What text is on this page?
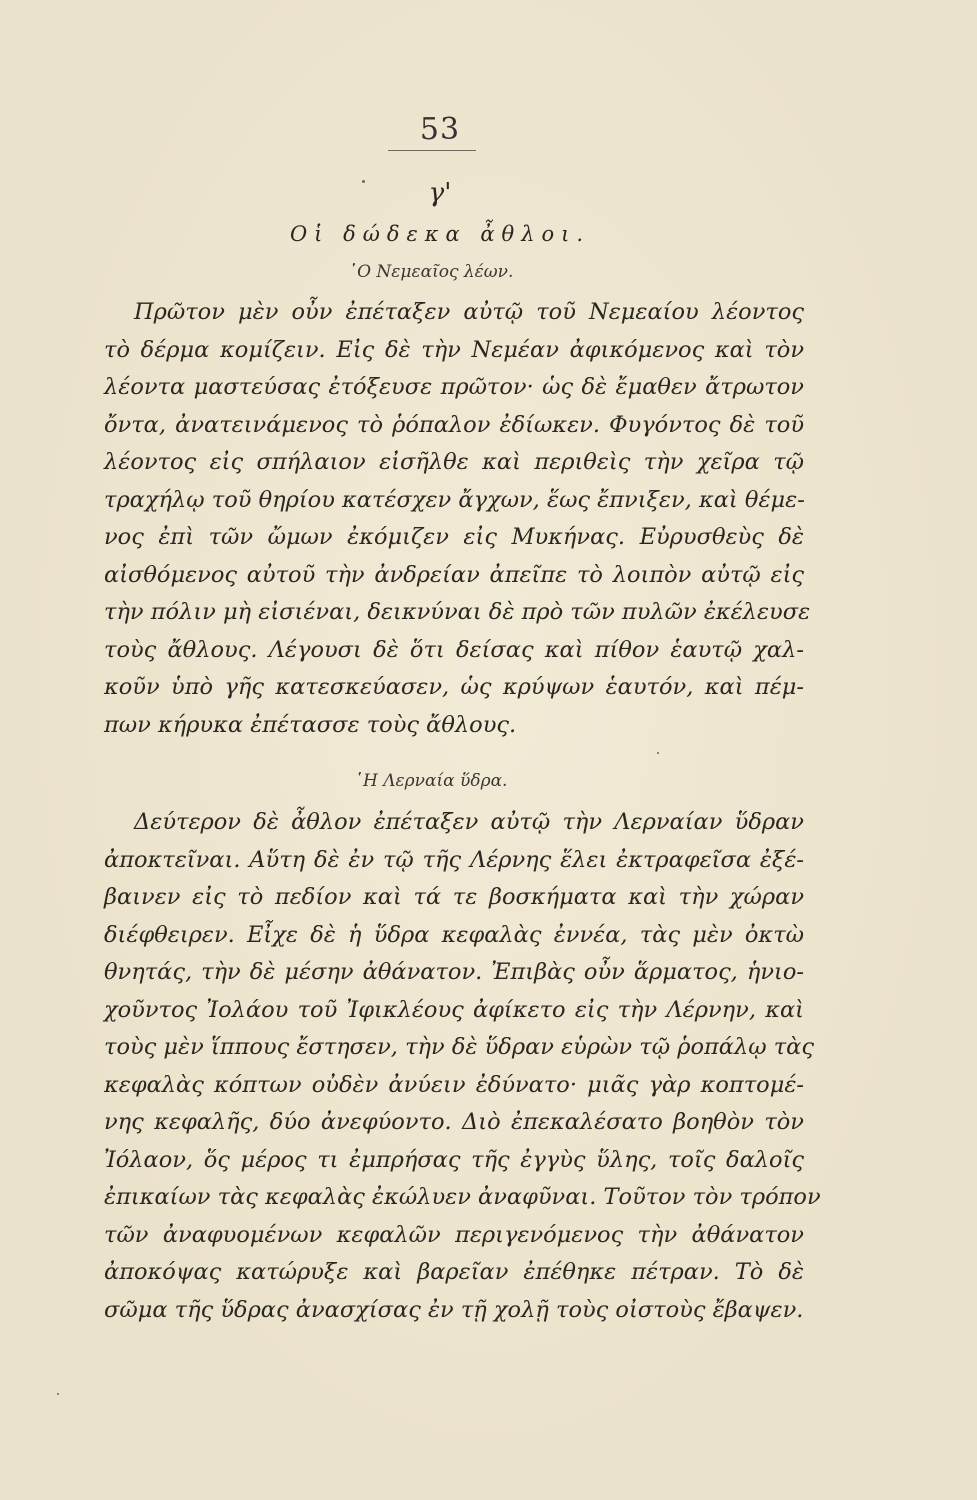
53
γ'
Οἱ δώδεκα ἆθλοι.
῾Ο Νεμεαῖος λέων.
Πρῶτον μὲν οὖν ἐπέταξεν αὐτῷ τοῦ Νεμεαίου λέοντος
τὸ δέρμα κομίζειν. Εἰς δὲ τὴν Νεμέαν ἀφικόμενος καὶ τὸν
λέοντα μαστεύσας ἐτόξευσε πρῶτον· ὡς δὲ ἔμαθεν ἄτρωτον
ὄντα, ἀνατεινάμενος τὸ ῥόπαλον ἐδίωκεν. Φυγόντος δὲ τοῦ
λέοντος εἰς σπήλαιον εἰσῆλθε καὶ περιθεὶς τὴν χεῖρα τῷ
τραχήλῳ τοῦ θηρίου κατέσχεν ἄγχων, ἕως ἔπνιξεν, καὶ θέμε-
νος ἐπὶ τῶν ὤμων ἐκόμιζεν εἰς Μυκήνας. Εὐρυσθεὺς δὲ
αἰσθόμενος αὐτοῦ τὴν ἀνδρείαν ἀπεῖπε τὸ λοιπὸν αὐτῷ εἰς
τὴν πόλιν μὴ εἰσιέναι, δεικνύναι δὲ πρὸ τῶν πυλῶν ἐκέλευσε
τοὺς ἄθλους. Λέγουσι δὲ ὅτι δείσας καὶ πίθον ἑαυτῷ χαλ-
κοῦν ὑπὸ γῆς κατεσκεύασεν, ὡς κρύψων ἑαυτόν, καὶ πέμ-
πων κήρυκα ἐπέτασσε τοὺς ἄθλους.
῾Η Λερναία ὕδρα.
Δεύτερον δὲ ἆθλον ἐπέταξεν αὐτῷ τὴν Λερναίαν ὕδραν
ἀποκτεῖναι. Αὕτη δὲ ἐν τῷ τῆς Λέρνης ἕλει ἐκτραφεῖσα ἐξέ-
βαινεν εἰς τὸ πεδίον καὶ τά τε βοσκήματα καὶ τὴν χώραν
διέφθειρεν. Εἶχε δὲ ἡ ὕδρα κεφαλὰς ἐννέα, τὰς μὲν ὀκτὼ
θνητάς, τὴν δὲ μέσην ἀθάνατον. Ἐπιβὰς οὖν ἅρματος, ἡνιο-
χοῦντος Ἰολάου τοῦ Ἰφικλέους ἀφίκετο εἰς τὴν Λέρνην, καὶ
τοὺς μὲν ἵππους ἔστησεν, τὴν δὲ ὕδραν εὑρὼν τῷ ῥοπάλῳ τὰς
κεφαλὰς κόπτων οὐδὲν ἀνύειν ἐδύνατο· μιᾶς γὰρ κοπτομέ-
νης κεφαλῆς, δύο ἀνεφύοντο. Διὸ ἐπεκαλέσατο βοηθὸν τὸν
Ἰόλαον, ὅς μέρος τι ἐμπρήσας τῆς ἐγγὺς ὕλης, τοῖς δαλοῖς
ἐπικαίων τὰς κεφαλὰς ἐκώλυεν ἀναφῦναι. Τοῦτον τὸν τρόπον
τῶν ἀναφυομένων κεφαλῶν περιγενόμενος τὴν ἀθάνατον
ἀποκόψας κατώρυξε καὶ βαρεῖαν ἐπέθηκε πέτραν. Τὸ δὲ
σῶμα τῆς ὕδρας ἀνασχίσας ἐν τῇ χολῇ τοὺς οἰστοὺς ἔβαψεν.
